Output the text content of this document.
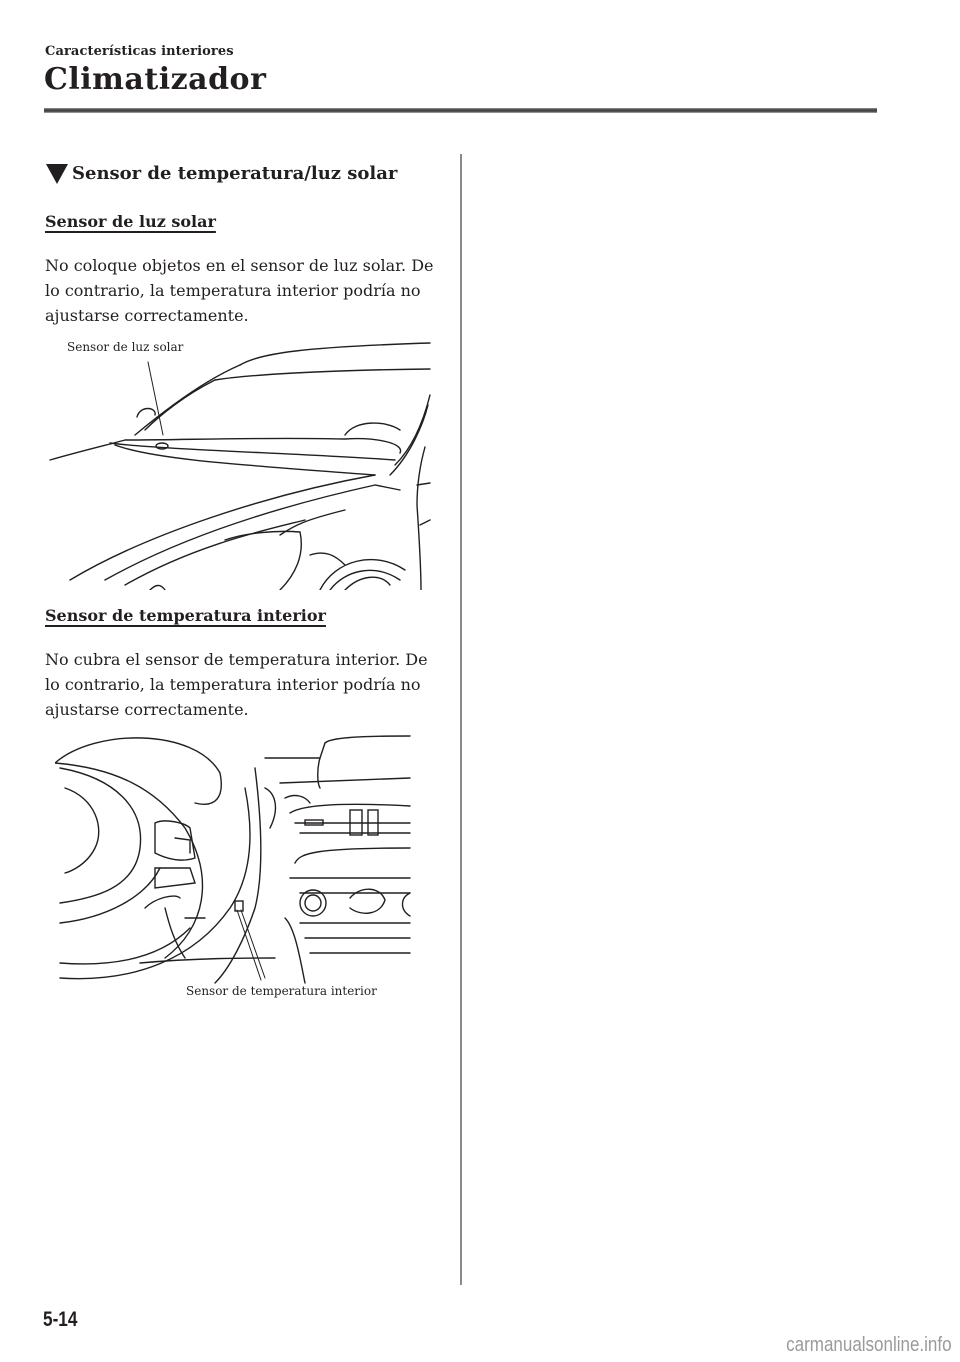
Características interiores
Climatizador
Sensor de temperatura/luz solar
Sensor de luz solar
No coloque objetos en el sensor de luz solar. De lo contrario, la temperatura interior podría no ajustarse correctamente.
Sensor de luz solar
Sensor de temperatura interior
No cubra el sensor de temperatura interior. De lo contrario, la temperatura interior podría no ajustarse correctamente.
Sensor de temperatura interior
5-14
carmanualsonline.info
